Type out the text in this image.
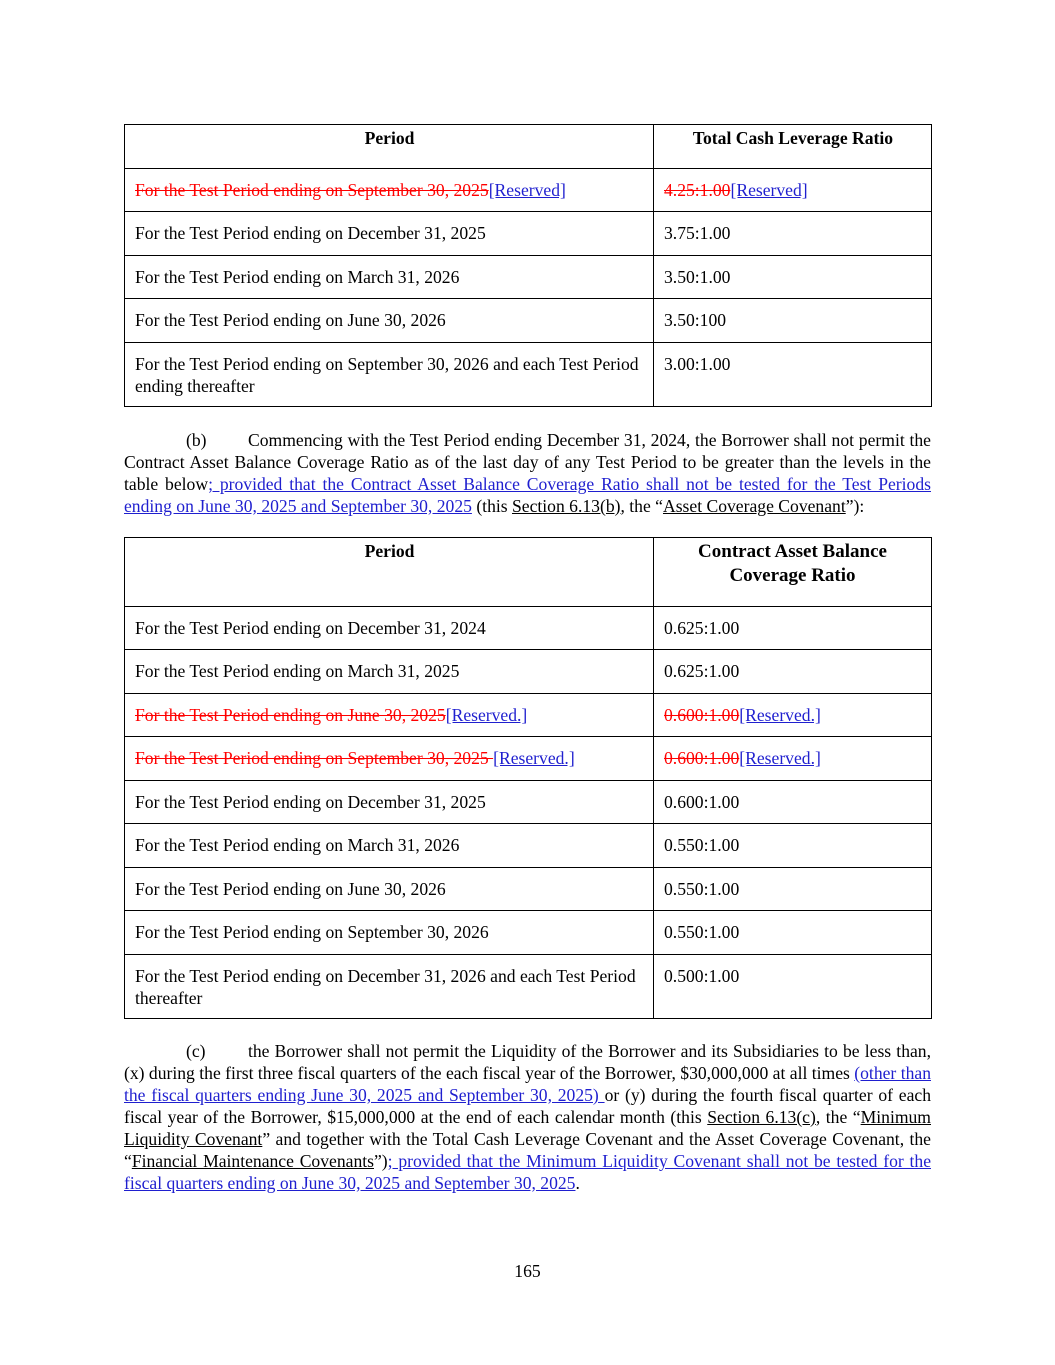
Period	Total Cash Leverage Ratio

For the Test Period ending on September 30, 2025[Reserved]	4.25:1.00[Reserved]

For the Test Period ending on December 31, 2025	3.75:1.00

For the Test Period ending on March 31, 2026	3.50:1.00

For the Test Period ending on June 30, 2026	3.50:100

For the Test Period ending on September 30, 2026 and each Test Period ending thereafter	3.00:1.00

(b) Commencing with the Test Period ending December 31, 2024, the Borrower shall not permit the Contract Asset Balance Coverage Ratio as of the last day of any Test Period to be greater than the levels in the table below; provided that the Contract Asset Balance Coverage Ratio shall not be tested for the Test Periods ending on June 30, 2025 and September 30, 2025 (this Section 6.13(b), the “Asset Coverage Covenant”):

Period	Contract Asset Balance Coverage Ratio

For the Test Period ending on December 31, 2024	0.625:1.00

For the Test Period ending on March 31, 2025	0.625:1.00

For the Test Period ending on June 30, 2025[Reserved.]	0.600:1.00[Reserved.]

For the Test Period ending on September 30, 2025 [Reserved.]	0.600:1.00[Reserved.]

For the Test Period ending on December 31, 2025	0.600:1.00

For the Test Period ending on March 31, 2026	0.550:1.00

For the Test Period ending on June 30, 2026	0.550:1.00

For the Test Period ending on September 30, 2026	0.550:1.00

For the Test Period ending on December 31, 2026 and each Test Period thereafter	0.500:1.00

(c) the Borrower shall not permit the Liquidity of the Borrower and its Subsidiaries to be less than, (x) during the first three fiscal quarters of the each fiscal year of the Borrower, $30,000,000 at all times (other than the fiscal quarters ending June 30, 2025 and September 30, 2025) or (y) during the fourth fiscal quarter of each fiscal year of the Borrower, $15,000,000 at the end of each calendar month (this Section 6.13(c), the “Minimum Liquidity Covenant” and together with the Total Cash Leverage Covenant and the Asset Coverage Covenant, the “Financial Maintenance Covenants”); provided that the Minimum Liquidity Covenant shall not be tested for the fiscal quarters ending on June 30, 2025 and September 30, 2025.

165
